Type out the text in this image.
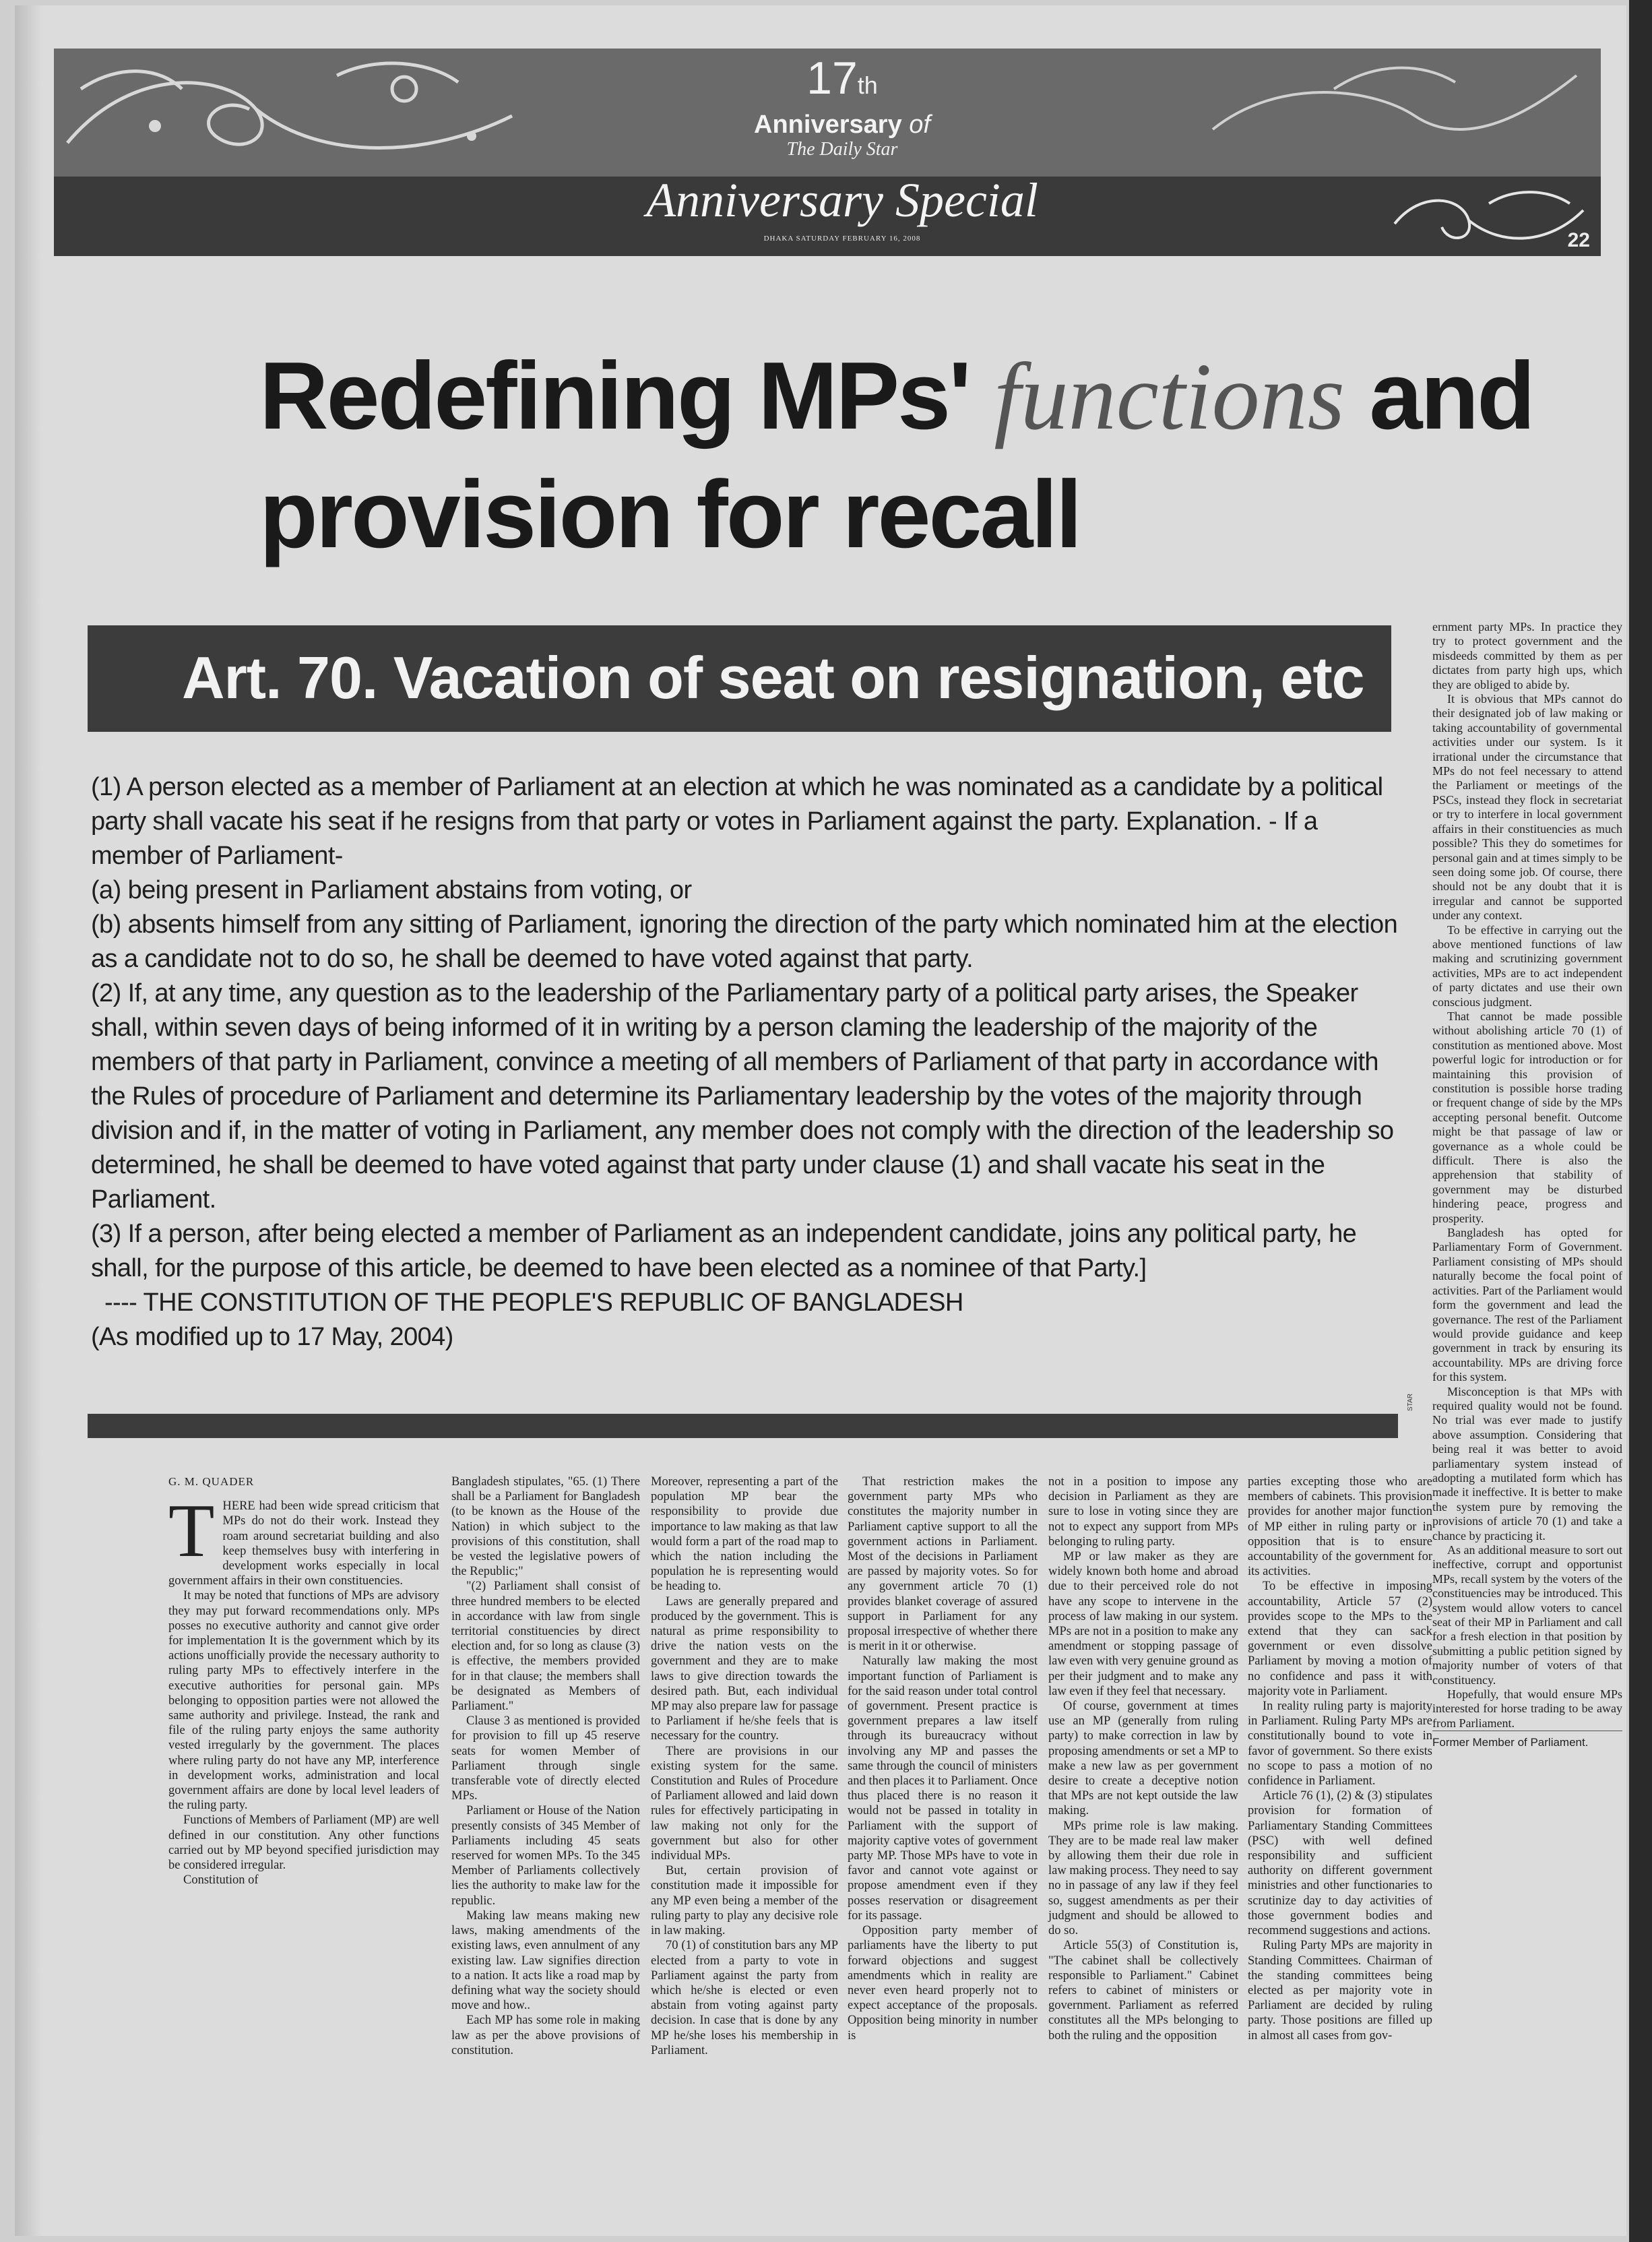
17th
Anniversary of
The Daily Star
Anniversary Special
DHAKA SATURDAY FEBRUARY 16, 2008	22
Redefining MPs' functions and
provision for recall
Art. 70. Vacation of seat on resignation, etc

(1) A person elected as a member of Parliament at an election at which he was nominated as a candidate by a political party shall vacate his seat if he resigns from that party or votes in Parliament against the party. Explanation. - If a member of Parliament-

(a) being present in Parliament abstains from voting, or

(b) absents himself from any sitting of Parliament, ignoring the direction of the party which nominated him at the election as a candidate not to do so, he shall be deemed to have voted against that party.

(2) If, at any time, any question as to the leadership of the Parliamentary party of a political party arises, the Speaker shall, within seven days of being informed of it in writing by a person claming the leadership of the majority of the members of that party in Parliament, convince a meeting of all members of Parliament of that party in accordance with the Rules of procedure of Parliament and determine its Parliamentary leadership by the votes of the majority through division and if, in the matter of voting in Parliament, any member does not comply with the direction of the leadership so determined, he shall be deemed to have voted against that party under clause (1) and shall vacate his seat in the Parliament.

(3) If a person, after being elected a member of Parliament as an independent candidate, joins any political party, he shall, for the purpose of this article, be deemed to have been elected as a nominee of that Party.]

---- THE CONSTITUTION OF THE PEOPLE'S REPUBLIC OF BANGLADESH

(As modified up to 17 May, 2004)

STAR
G. M. QUADER
T HERE had been wide spread criticism that MPs do not do their work. Instead they roam around secretariat building and also keep themselves busy with interfering in development works especially in local government affairs in their own constituencies.

It may be noted that functions of MPs are advisory they may put forward recommendations only. MPs posses no executive authority and cannot give order for implementation It is the government which by its actions unofficially provide the necessary authority to ruling party MPs to effectively interfere in the executive authorities for personal gain. MPs belonging to opposition parties were not allowed the same authority and privilege. Instead, the rank and file of the ruling party enjoys the same authority vested irregularly by the government. The places where ruling party do not have any MP, interference in development works, administration and local government affairs are done by local level leaders of the ruling party.

Functions of Members of Parliament (MP) are well defined in our constitution. Any other functions carried out by MP beyond specified jurisdiction may be considered irregular.

Constitution of

Bangladesh stipulates, "65. (1) There shall be a Parliament for Bangladesh (to be known as the House of the Nation) in which subject to the provisions of this constitution, shall be vested the legislative powers of the Republic;"

"(2) Parliament shall consist of three hundred members to be elected in accordance with law from single territorial constituencies by direct election and, for so long as clause (3) is effective, the members provided for in that clause; the members shall be designated as Members of Parliament."

Clause 3 as mentioned is provided for provision to fill up 45 reserve seats for women Member of Parliament through single transferable vote of directly elected MPs.

Parliament or House of the Nation presently consists of 345 Member of Parliaments including 45 seats reserved for women MPs. To the 345 Member of Parliaments collectively lies the authority to make law for the republic.

Making law means making new laws, making amendments of the existing laws, even annulment of any existing law. Law signifies direction to a nation. It acts like a road map by defining what way the society should move and how..

Each MP has some role in making law as per the above provisions of constitution.

Moreover, representing a part of the population MP bear the responsibility to provide due importance to law making as that law would form a part of the road map to which the nation including the population he is representing would be heading to.

Laws are generally prepared and produced by the government. This is natural as prime responsibility to drive the nation vests on the government and they are to make laws to give direction towards the desired path. But, each individual MP may also prepare law for passage to Parliament if he/she feels that is necessary for the country.

There are provisions in our existing system for the same. Constitution and Rules of Procedure of Parliament allowed and laid down rules for effectively participating in law making not only for the government but also for other individual MPs.

But, certain provision of constitution made it impossible for any MP even being a member of the ruling party to play any decisive role in law making.

70 (1) of constitution bars any MP elected from a party to vote in Parliament against the party from which he/she is elected or even abstain from voting against party decision. In case that is done by any MP he/she loses his membership in Parliament.

That restriction makes the government party MPs who constitutes the majority number in Parliament captive support to all the government actions in Parliament. Most of the decisions in Parliament are passed by majority votes. So for any government article 70 (1) provides blanket coverage of assured support in Parliament for any proposal irrespective of whether there is merit in it or otherwise.

Naturally law making the most important function of Parliament is for the said reason under total control of government. Present practice is government prepares a law itself through its bureaucracy without involving any MP and passes the same through the council of ministers and then places it to Parliament. Once thus placed there is no reason it would not be passed in totality in Parliament with the support of majority captive votes of government party MP. Those MPs have to vote in favor and cannot vote against or propose amendment even if they posses reservation or disagreement for its passage.

Opposition party member of parliaments have the liberty to put forward objections and suggest amendments which in reality are never even heard properly not to expect acceptance of the proposals. Opposition being minority in number is

not in a position to impose any decision in Parliament as they are sure to lose in voting since they are not to expect any support from MPs belonging to ruling party.

MP or law maker as they are widely known both home and abroad due to their perceived role do not have any scope to intervene in the process of law making in our system. MPs are not in a position to make any amendment or stopping passage of law even with very genuine ground as per their judgment and to make any law even if they feel that necessary.

Of course, government at times use an MP (generally from ruling party) to make correction in law by proposing amendments or set a MP to make a new law as per government desire to create a deceptive notion that MPs are not kept outside the law making.

MPs prime role is law making. They are to be made real law maker by allowing them their due role in law making process. They need to say no in passage of any law if they feel so, suggest amendments as per their judgment and should be allowed to do so.

Article 55(3) of Constitution is, "The cabinet shall be collectively responsible to Parliament." Cabinet refers to cabinet of ministers or government. Parliament as referred constitutes all the MPs belonging to both the ruling and the opposition

parties excepting those who are members of cabinets. This provision provides for another major function of MP either in ruling party or in opposition that is to ensure accountability of the government for its activities.

To be effective in imposing accountability, Article 57 (2) provides scope to the MPs to the extend that they can sack government or even dissolve Parliament by moving a motion of no confidence and pass it with majority vote in Parliament.

In reality ruling party is majority in Parliament. Ruling Party MPs are constitutionally bound to vote in favor of government. So there exists no scope to pass a motion of no confidence in Parliament.

Article 76 (1), (2) & (3) stipulates provision for formation of Parliamentary Standing Committees (PSC) with well defined responsibility and sufficient authority on different government ministries and other functionaries to scrutinize day to day activities of those government bodies and recommend suggestions and actions.

Ruling Party MPs are majority in Standing Committees. Chairman of the standing committees being elected as per majority vote in Parliament are decided by ruling party. Those positions are filled up in almost all cases from gov-

ernment party MPs. In practice they try to protect government and the misdeeds committed by them as per dictates from party high ups, which they are obliged to abide by.

It is obvious that MPs cannot do their designated job of law making or taking accountability of governmental activities under our system. Is it irrational under the circumstance that MPs do not feel necessary to attend the Parliament or meetings of the PSCs, instead they flock in secretariat or try to interfere in local government affairs in their constituencies as much possible? This they do sometimes for personal gain and at times simply to be seen doing some job. Of course, there should not be any doubt that it is irregular and cannot be supported under any context.

To be effective in carrying out the above mentioned functions of law making and scrutinizing government activities, MPs are to act independent of party dictates and use their own conscious judgment.

That cannot be made possible without abolishing article 70 (1) of constitution as mentioned above. Most powerful logic for introduction or for maintaining this provision of constitution is possible horse trading or frequent change of side by the MPs accepting personal benefit. Outcome might be that passage of law or governance as a whole could be difficult. There is also the apprehension that stability of government may be disturbed hindering peace, progress and prosperity.

Bangladesh has opted for Parliamentary Form of Government. Parliament consisting of MPs should naturally become the focal point of activities. Part of the Parliament would form the government and lead the governance. The rest of the Parliament would provide guidance and keep government in track by ensuring its accountability. MPs are driving force for this system.

Misconception is that MPs with required quality would not be found. No trial was ever made to justify above assumption. Considering that being real it was better to avoid parliamentary system instead of adopting a mutilated form which has made it ineffective. It is better to make the system pure by removing the provisions of article 70 (1) and take a chance by practicing it.

As an additional measure to sort out ineffective, corrupt and opportunist MPs, recall system by the voters of the constituencies may be introduced. This system would allow voters to cancel seat of their MP in Parliament and call for a fresh election in that position by submitting a public petition signed by majority number of voters of that constituency.

Hopefully, that would ensure MPs interested for horse trading to be away from Parliament.

Former Member of Parliament.
